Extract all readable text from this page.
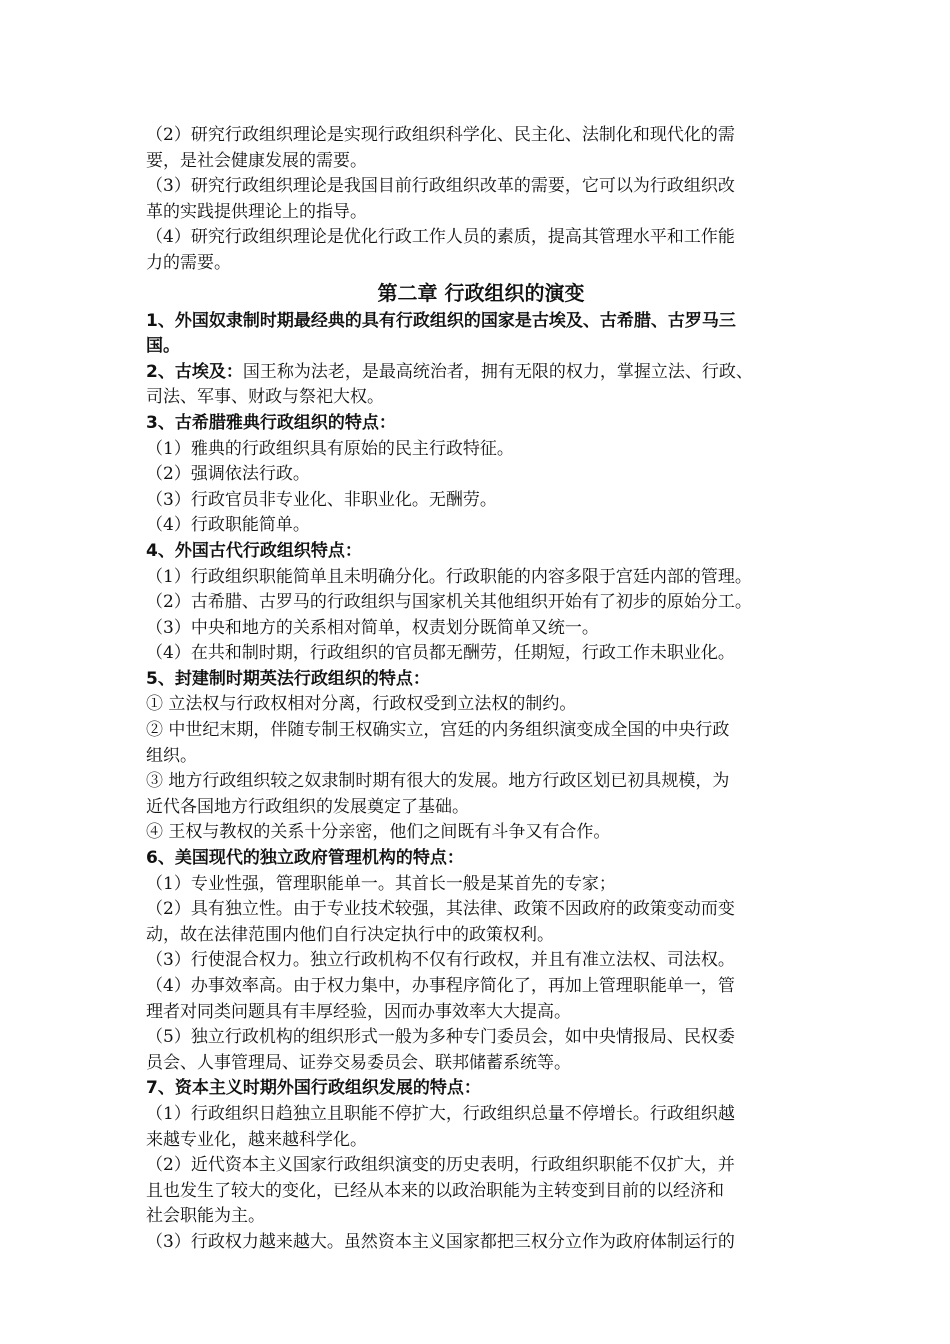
（2）研究行政组织理论是实现行政组织科学化、民主化、法制化和现代化的需
要，是社会健康发展的需要。
（3）研究行政组织理论是我国目前行政组织改革的需要，它可以为行政组织改
革的实践提供理论上的指导。
（4）研究行政组织理论是优化行政工作人员的素质，提高其管理水平和工作能
力的需要。
第二章 行政组织的演变
1、外国奴隶制时期最经典的具有行政组织的国家是古埃及、古希腊、古罗马三
国。
2、古埃及：国王称为法老，是最高统治者，拥有无限的权力，掌握立法、行政、
司法、军事、财政与祭祀大权。
3、古希腊雅典行政组织的特点：
（1）雅典的行政组织具有原始的民主行政特征。
（2）强调依法行政。
（3）行政官员非专业化、非职业化。无酬劳。
（4）行政职能简单。
4、外国古代行政组织特点：
（1）行政组织职能简单且未明确分化。行政职能的内容多限于宫廷内部的管理。
（2）古希腊、古罗马的行政组织与国家机关其他组织开始有了初步的原始分工。
（3）中央和地方的关系相对简单，权责划分既简单又统一。
（4）在共和制时期，行政组织的官员都无酬劳，任期短，行政工作未职业化。
5、封建制时期英法行政组织的特点：
① 立法权与行政权相对分离，行政权受到立法权的制约。
② 中世纪末期，伴随专制王权确实立，宫廷的内务组织演变成全国的中央行政
组织。
③ 地方行政组织较之奴隶制时期有很大的发展。地方行政区划已初具规模，为
近代各国地方行政组织的发展奠定了基础。
④ 王权与教权的关系十分亲密，他们之间既有斗争又有合作。
6、美国现代的独立政府管理机构的特点：
（1）专业性强，管理职能单一。其首长一般是某首先的专家；
（2）具有独立性。由于专业技术较强，其法律、政策不因政府的政策变动而变
动，故在法律范围内他们自行决定执行中的政策权利。
（3）行使混合权力。独立行政机构不仅有行政权，并且有准立法权、司法权。
（4）办事效率高。由于权力集中，办事程序简化了，再加上管理职能单一，管
理者对同类问题具有丰厚经验，因而办事效率大大提高。
（5）独立行政机构的组织形式一般为多种专门委员会，如中央情报局、民权委
员会、人事管理局、证券交易委员会、联邦储蓄系统等。
7、资本主义时期外国行政组织发展的特点：
（1）行政组织日趋独立且职能不停扩大，行政组织总量不停增长。行政组织越
来越专业化，越来越科学化。
（2）近代资本主义国家行政组织演变的历史表明，行政组织职能不仅扩大，并
且也发生了较大的变化，已经从本来的以政治职能为主转变到目前的以经济和
社会职能为主。
（3）行政权力越来越大。虽然资本主义国家都把三权分立作为政府体制运行的
